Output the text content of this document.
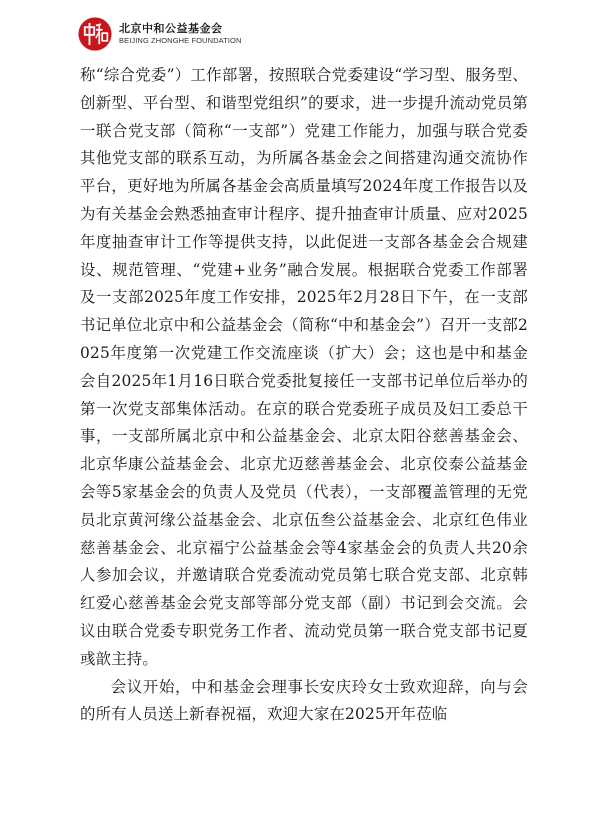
北京中和公益基金会
BEIJING ZHONGHE FOUNDATION

称“综合党委”）工作部署，按照联合党委建设“学习型、服务型、创新型、平台型、和谐型党组织”的要求，进一步提升流动党员第一联合党支部（简称“一支部”）党建工作能力，加强与联合党委其他党支部的联系互动，为所属各基金会之间搭建沟通交流协作平台，更好地为所属各基金会高质量填写2024年度工作报告以及为有关基金会熟悉抽查审计程序、提升抽查审计质量、应对2025年度抽查审计工作等提供支持，以此促进一支部各基金会合规建设、规范管理、“党建+业务”融合发展。根据联合党委工作部署及一支部2025年度工作安排，2025年2月28日下午，在一支部书记单位北京中和公益基金会（简称“中和基金会”）召开一支部2025年度第一次党建工作交流座谈（扩大）会；这也是中和基金会自2025年1月16日联合党委批复接任一支部书记单位后举办的第一次党支部集体活动。在京的联合党委班子成员及妇工委总干事，一支部所属北京中和公益基金会、北京太阳谷慈善基金会、北京华康公益基金会、北京尤迈慈善基金会、北京佼泰公益基金会等5家基金会的负责人及党员（代表），一支部覆盖管理的无党员北京黄河缘公益基金会、北京伍叁公益基金会、北京红色伟业慈善基金会、北京福宁公益基金会等4家基金会的负责人共20余人参加会议，并邀请联合党委流动党员第七联合党支部、北京韩红爱心慈善基金会党支部等部分党支部（副）书记到会交流。会议由联合党委专职党务工作者、流动党员第一联合党支部书记夏彧歆主持。

会议开始，中和基金会理事长安庆玲女士致欢迎辞，向与会的所有人员送上新春祝福，欢迎大家在2025开年莅临
